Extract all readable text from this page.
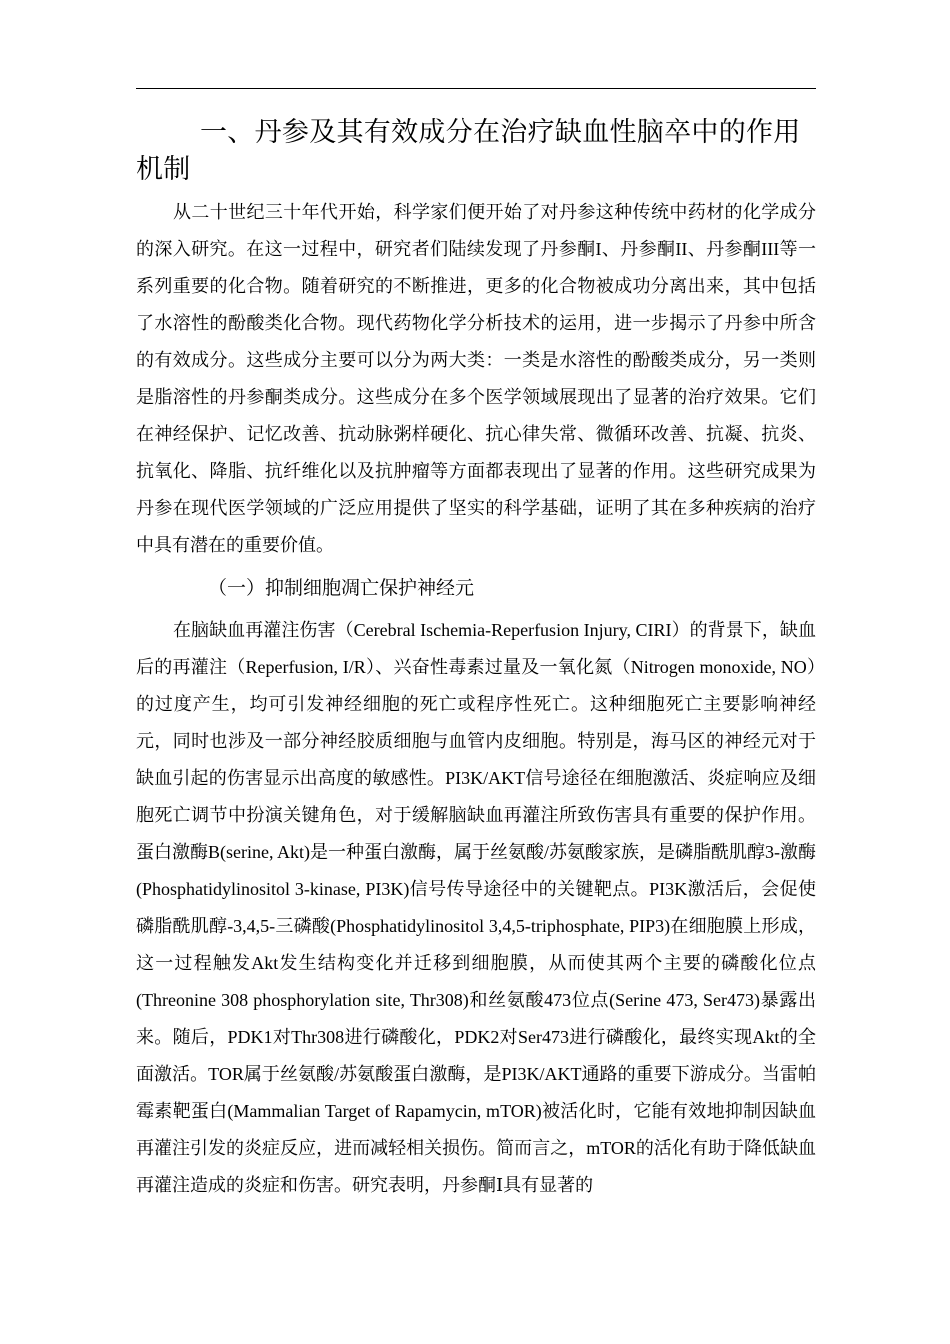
一、丹参及其有效成分在治疗缺血性脑卒中的作用机制

从二十世纪三十年代开始，科学家们便开始了对丹参这种传统中药材的化学成分的深入研究。在这一过程中，研究者们陆续发现了丹参酮I、丹参酮II、丹参酮III等一系列重要的化合物。随着研究的不断推进，更多的化合物被成功分离出来，其中包括了水溶性的酚酸类化合物。现代药物化学分析技术的运用，进一步揭示了丹参中所含的有效成分。这些成分主要可以分为两大类：一类是水溶性的酚酸类成分，另一类则是脂溶性的丹参酮类成分。这些成分在多个医学领域展现出了显著的治疗效果。它们在神经保护、记忆改善、抗动脉粥样硬化、抗心律失常、微循环改善、抗凝、抗炎、抗氧化、降脂、抗纤维化以及抗肿瘤等方面都表现出了显著的作用。这些研究成果为丹参在现代医学领域的广泛应用提供了坚实的科学基础，证明了其在多种疾病的治疗中具有潜在的重要价值。

（一）抑制细胞凋亡保护神经元

在脑缺血再灌注伤害（Cerebral Ischemia-Reperfusion Injury, CIRI）的背景下，缺血后的再灌注（Reperfusion, I/R）、兴奋性毒素过量及一氧化氮（Nitrogen monoxide, NO）的过度产生，均可引发神经细胞的死亡或程序性死亡。这种细胞死亡主要影响神经元，同时也涉及一部分神经胶质细胞与血管内皮细胞。特别是，海马区的神经元对于缺血引起的伤害显示出高度的敏感性。PI3K/AKT信号途径在细胞激活、炎症响应及细胞死亡调节中扮演关键角色，对于缓解脑缺血再灌注所致伤害具有重要的保护作用。蛋白激酶B(serine, Akt)是一种蛋白激酶，属于丝氨酸/苏氨酸家族，是磷脂酰肌醇3-激酶(Phosphatidylinositol 3-kinase, PI3K)信号传导途径中的关键靶点。PI3K激活后，会促使磷脂酰肌醇-3,4,5-三磷酸(Phosphatidylinositol 3,4,5-triphosphate, PIP3)在细胞膜上形成，这一过程触发Akt发生结构变化并迁移到细胞膜，从而使其两个主要的磷酸化位点(Threonine 308 phosphorylation site, Thr308)和丝氨酸473位点(Serine 473, Ser473)暴露出来。随后，PDK1对Thr308进行磷酸化，PDK2对Ser473进行磷酸化，最终实现Akt的全面激活。TOR属于丝氨酸/苏氨酸蛋白激酶，是PI3K/AKT通路的重要下游成分。当雷帕霉素靶蛋白(Mammalian Target of Rapamycin, mTOR)被活化时，它能有效地抑制因缺血再灌注引发的炎症反应，进而减轻相关损伤。简而言之，mTOR的活化有助于降低缺血再灌注造成的炎症和伤害。研究表明，丹参酮Ⅰ具有显著的
